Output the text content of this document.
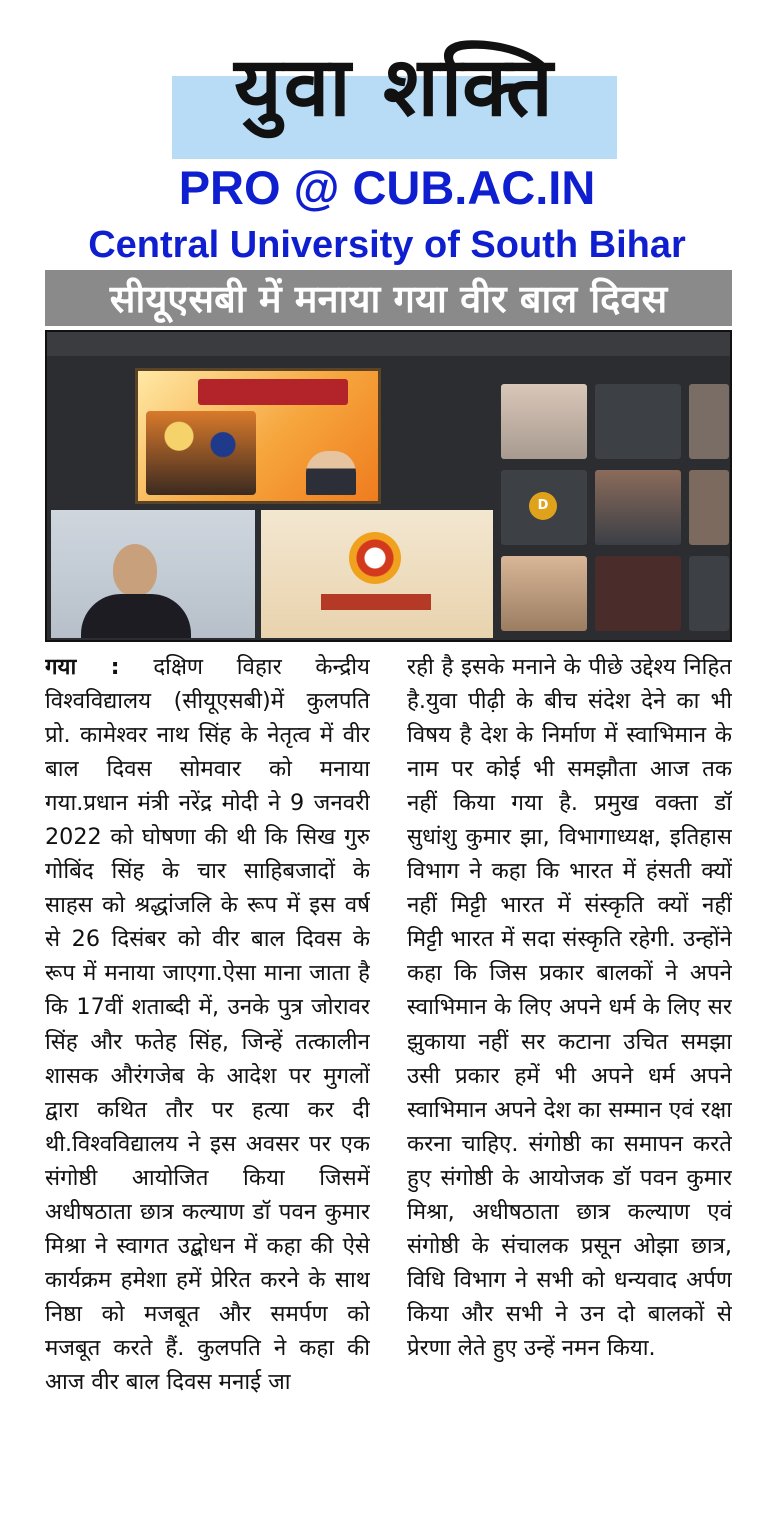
युवा शक्ति
PRO @ CUB.AC.IN
Central University of South Bihar
सीयूएसबी में मनाया गया वीर बाल दिवस
D

गया : दक्षिण विहार केन्द्रीय विश्वविद्यालय (सीयूएसबी)में कुलपति प्रो. कामेश्वर नाथ सिंह के नेतृत्व में वीर बाल दिवस सोमवार को मनाया गया.प्रधान मंत्री नरेंद्र मोदी ने 9 जनवरी 2022 को घोषणा की थी कि सिख गुरु गोबिंद सिंह के चार साहिबजादों के साहस को श्रद्धांजलि के रूप में इस वर्ष से 26 दिसंबर को वीर बाल दिवस के रूप में मनाया जाएगा.ऐसा माना जाता है कि 17वीं शताब्दी में, उनके पुत्र जोरावर सिंह और फतेह सिंह, जिन्हें तत्कालीन शासक औरंगजेब के आदेश पर मुगलों द्वारा कथित तौर पर हत्या कर दी थी.विश्वविद्यालय ने इस अवसर पर एक संगोष्ठी आयोजित किया जिसमें अधीषठाता छात्र कल्याण डॉ पवन कुमार मिश्रा ने स्वागत उद्बोधन में कहा की ऐसे कार्यक्रम हमेशा हमें प्रेरित करने के साथ निष्ठा को मजबूत और समर्पण को मजबूत करते हैं. कुलपति ने कहा की आज वीर बाल दिवस मनाई जा

रही है इसके मनाने के पीछे उद्देश्य निहित है.युवा पीढ़ी के बीच संदेश देने का भी विषय है देश के निर्माण में स्वाभिमान के नाम पर कोई भी समझौता आज तक नहीं किया गया है. प्रमुख वक्ता डॉ सुधांशु कुमार झा, विभागाध्यक्ष, इतिहास विभाग ने कहा कि भारत में हंसती क्यों नहीं मिट्टी भारत में संस्कृति क्यों नहीं मिट्टी भारत में सदा संस्कृति रहेगी. उन्होंने कहा कि जिस प्रकार बालकों ने अपने स्वाभिमान के लिए अपने धर्म के लिए सर झुकाया नहीं सर कटाना उचित समझा उसी प्रकार हमें भी अपने धर्म अपने स्वाभिमान अपने देश का सम्मान एवं रक्षा करना चाहिए. संगोष्ठी का समापन करते हुए संगोष्ठी के आयोजक डॉ पवन कुमार मिश्रा, अधीषठाता छात्र कल्याण एवं संगोष्ठी के संचालक प्रसून ओझा छात्र, विधि विभाग ने सभी को धन्यवाद अर्पण किया और सभी ने उन दो बालकों से प्रेरणा लेते हुए उन्हें नमन किया.
